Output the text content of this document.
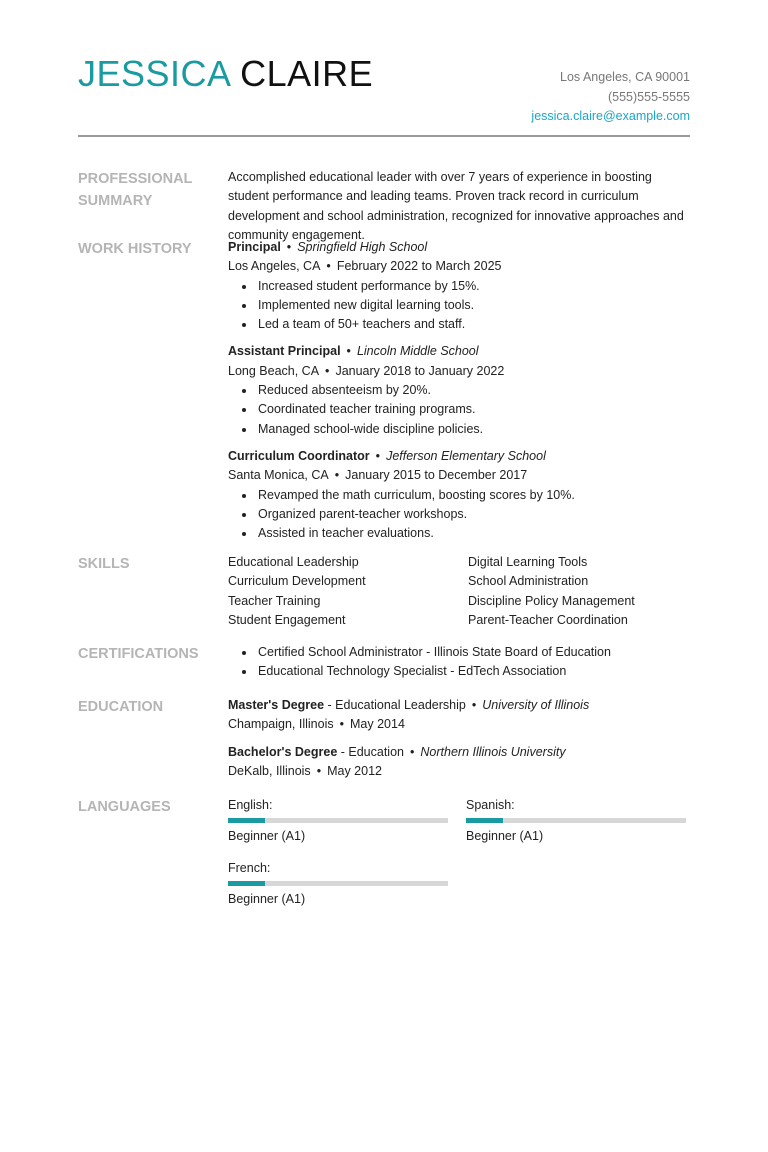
JESSICA CLAIRE	Los Angeles, CA 90001
(555)555-5555
jessica.claire@example.com
PROFESSIONAL SUMMARY
Accomplished educational leader with over 7 years of experience in boosting student performance and leading teams. Proven track record in curriculum development and school administration, recognized for innovative approaches and community engagement.
WORK HISTORY	Principal • Springfield High School
Los Angeles, CA • February 2022 to March 2025
• Increased student performance by 15%.
• Implemented new digital learning tools.
• Led a team of 50+ teachers and staff.
Assistant Principal • Lincoln Middle School
Long Beach, CA • January 2018 to January 2022
• Reduced absenteeism by 20%.
• Coordinated teacher training programs.
• Managed school-wide discipline policies.
Curriculum Coordinator • Jefferson Elementary School
Santa Monica, CA • January 2015 to December 2017
• Revamped the math curriculum, boosting scores by 10%.
• Organized parent-teacher workshops.
• Assisted in teacher evaluations.
SKILLS	Educational Leadership	Digital Learning Tools
Curriculum Development	School Administration
Teacher Training	Discipline Policy Management
Student Engagement	Parent-Teacher Coordination
CERTIFICATIONS
•	Certified School Administrator - Illinois State Board of Education
• Educational Technology Specialist - EdTech Association
EDUCATION	Master's Degree - Educational Leadership • University of Illinois
Champaign, Illinois • May 2014
Bachelor's Degree - Education • Northern Illinois University
DeKalb, Illinois • May 2012
LANGUAGES	English:
Beginner (A1)
Spanish:
Beginner (A1)
French:
Beginner (A1)
